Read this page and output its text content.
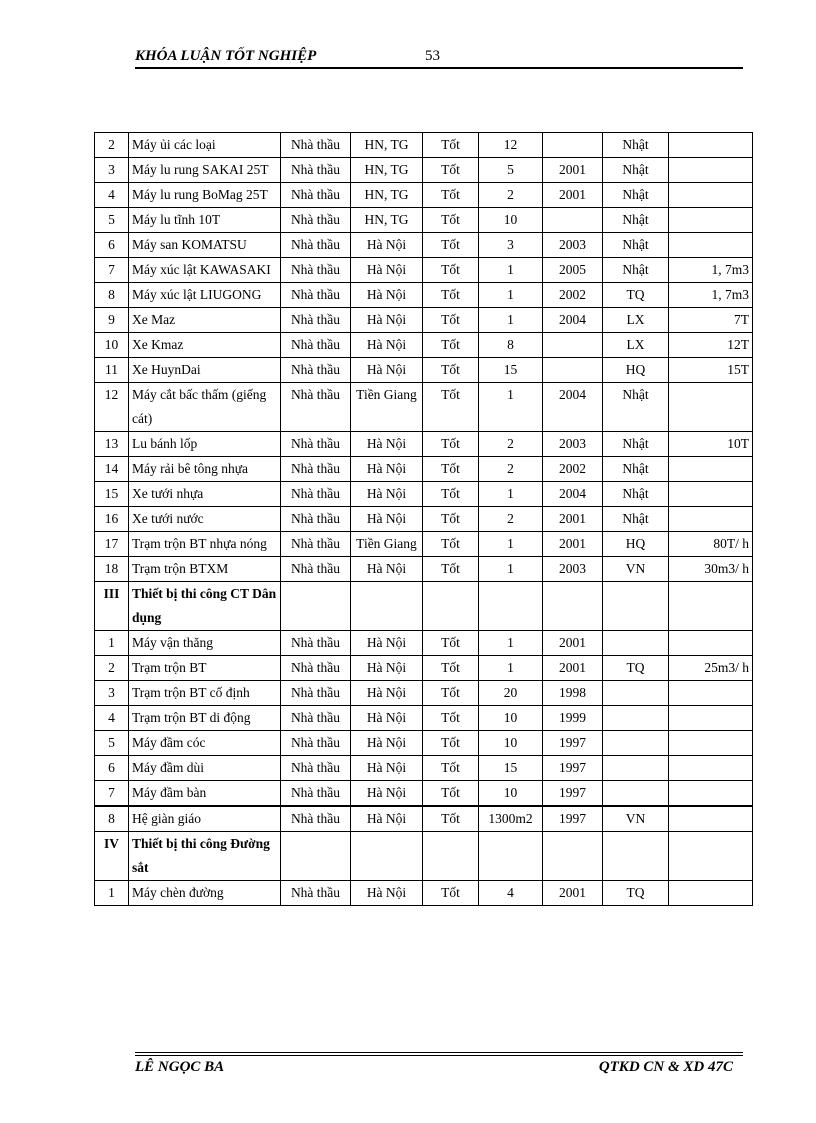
KHÓA LUẬN TỐT NGHIỆP	53
2	Máy ủi các loại	Nhà thầu	HN, TG	Tốt	12		Nhật	
3	Máy lu rung SAKAI 25T	Nhà thầu	HN, TG	Tốt	5	2001	Nhật	
4	Máy lu rung BoMag 25T	Nhà thầu	HN, TG	Tốt	2	2001	Nhật	
5	Máy lu tĩnh 10T	Nhà thầu	HN, TG	Tốt	10		Nhật	
6	Máy san KOMATSU	Nhà thầu	Hà Nội	Tốt	3	2003	Nhật	
7	Máy xúc lật KAWASAKI	Nhà thầu	Hà Nội	Tốt	1	2005	Nhật	1, 7m3
8	Máy xúc lật LIUGONG	Nhà thầu	Hà Nội	Tốt	1	2002	TQ	1, 7m3
9	Xe Maz	Nhà thầu	Hà Nội	Tốt	1	2004	LX	7T
10	Xe Kmaz	Nhà thầu	Hà Nội	Tốt	8		LX	12T
11	Xe HuynDai	Nhà thầu	Hà Nội	Tốt	15		HQ	15T
12	Máy cắt bấc thấm (giếng cát)	Nhà thầu	Tiền Giang	Tốt	1	2004	Nhật	
13	Lu bánh lốp	Nhà thầu	Hà Nội	Tốt	2	2003	Nhật	10T
14	Máy rải bê tông nhựa	Nhà thầu	Hà Nội	Tốt	2	2002	Nhật	
15	Xe tưới nhựa	Nhà thầu	Hà Nội	Tốt	1	2004	Nhật	
16	Xe tưới nước	Nhà thầu	Hà Nội	Tốt	2	2001	Nhật	
17	Trạm trộn BT nhựa nóng	Nhà thầu	Tiền Giang	Tốt	1	2001	HQ	80T/ h
18	Trạm trộn BTXM	Nhà thầu	Hà Nội	Tốt	1	2003	VN	30m3/ h
III	Thiết bị thi công CT Dân dụng							
1	Máy vận thăng	Nhà thầu	Hà Nội	Tốt	1	2001		
2	Trạm trộn BT	Nhà thầu	Hà Nội	Tốt	1	2001	TQ	25m3/ h
3	Trạm trộn BT cố định	Nhà thầu	Hà Nội	Tốt	20	1998		
4	Trạm trộn BT di động	Nhà thầu	Hà Nội	Tốt	10	1999		
5	Máy đầm cóc	Nhà thầu	Hà Nội	Tốt	10	1997		
6	Máy đầm dùi	Nhà thầu	Hà Nội	Tốt	15	1997		
7	Máy đầm bàn	Nhà thầu	Hà Nội	Tốt	10	1997		
8	Hệ giàn giáo	Nhà thầu	Hà Nội	Tốt	1300m2	1997	VN	
IV	Thiết bị thi công Đường sắt							
1	Máy chèn đường	Nhà thầu	Hà Nội	Tốt	4	2001	TQ	
LÊ NGỌC BA	QTKD CN & XD 47C
